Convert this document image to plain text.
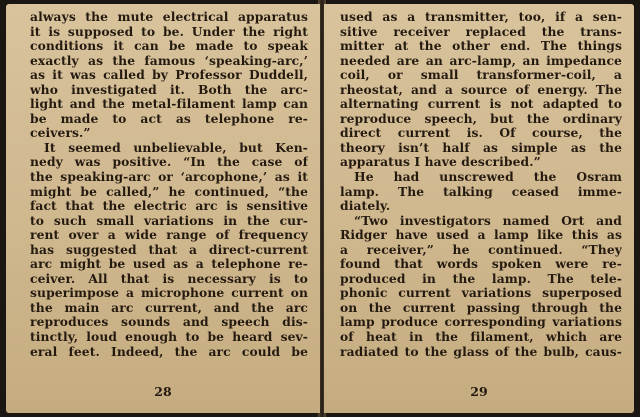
always the mute electrical apparatus
it is supposed to be. Under the right
conditions it can be made to speak
exactly as the famous ‘speaking-arc,’
as it was called by Professor Duddell,
who investigated it. Both the arc-
light and the metal-filament lamp can
be made to act as telephone re-
ceivers.”
It seemed unbelievable, but Ken-
nedy was positive. “In the case of
the speaking-arc or ‘arcophone,’ as it
might be called,” he continued, “the
fact that the electric arc is sensitive
to such small variations in the cur-
rent over a wide range of frequency
has suggested that a direct-current
arc might be used as a telephone re-
ceiver. All that is necessary is to
superimpose a microphone current on
the main arc current, and the arc
reproduces sounds and speech dis-
tinctly, loud enough to be heard sev-
eral feet. Indeed, the arc could be
28
used as a transmitter, too, if a sen-
sitive receiver replaced the trans-
mitter at the other end. The things
needed are an arc-lamp, an impedance
coil, or small transformer-coil, a
rheostat, and a source of energy. The
alternating current is not adapted to
reproduce speech, but the ordinary
direct current is. Of course, the
theory isn’t half as simple as the
apparatus I have described.”
He had unscrewed the Osram
lamp. The talking ceased imme-
diately.
“Two investigators named Ort and
Ridger have used a lamp like this as
a receiver,” he continued. “They
found that words spoken were re-
produced in the lamp. The tele-
phonic current variations superposed
on the current passing through the
lamp produce corresponding variations
of heat in the filament, which are
radiated to the glass of the bulb, caus-
29
